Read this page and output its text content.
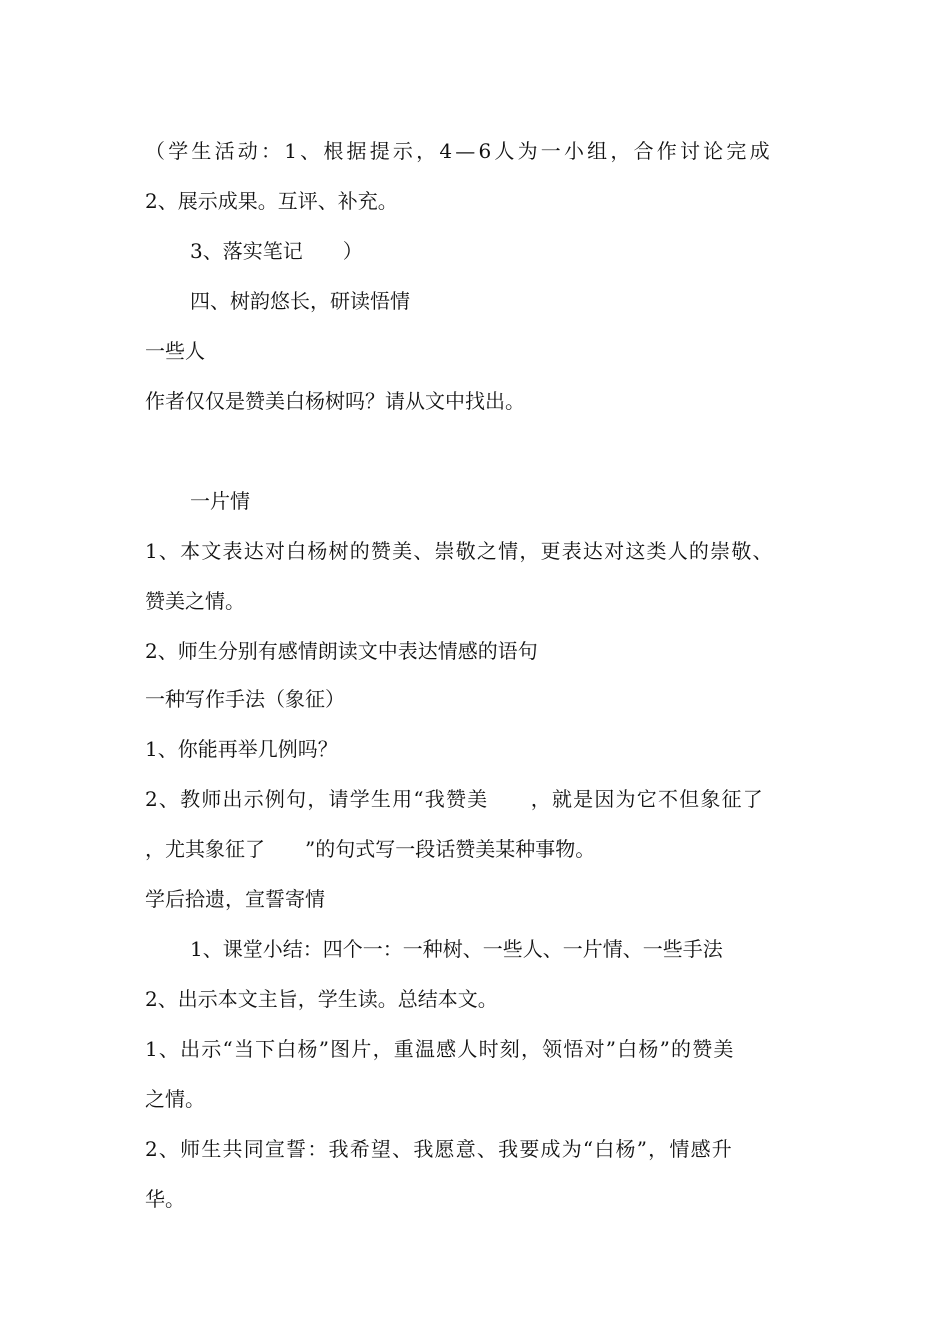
（学生活动：1、根据提示，4—6人为一小组，合作讨论完成
2、展示成果。互评、补充。
3、落实笔记　　）
四、树韵悠长，研读悟情
一些人
作者仅仅是赞美白杨树吗？请从文中找出。
一片情
1、本文表达对白杨树的赞美、崇敬之情，更表达对这类人的崇敬、
赞美之情。
2、师生分别有感情朗读文中表达情感的语句
一种写作手法（象征）
1、你能再举几例吗？
2、教师出示例句，请学生用“我赞美　　，就是因为它不但象征了
，尤其象征了　　”的句式写一段话赞美某种事物。
学后拾遗，宣誓寄情
1、课堂小结：四个一：一种树、一些人、一片情、一些手法
2、出示本文主旨，学生读。总结本文。
1、出示“当下白杨”图片，重温感人时刻，领悟对”白杨”的赞美
之情。
2、师生共同宣誓：我希望、我愿意、我要成为“白杨”，情感升
华。
